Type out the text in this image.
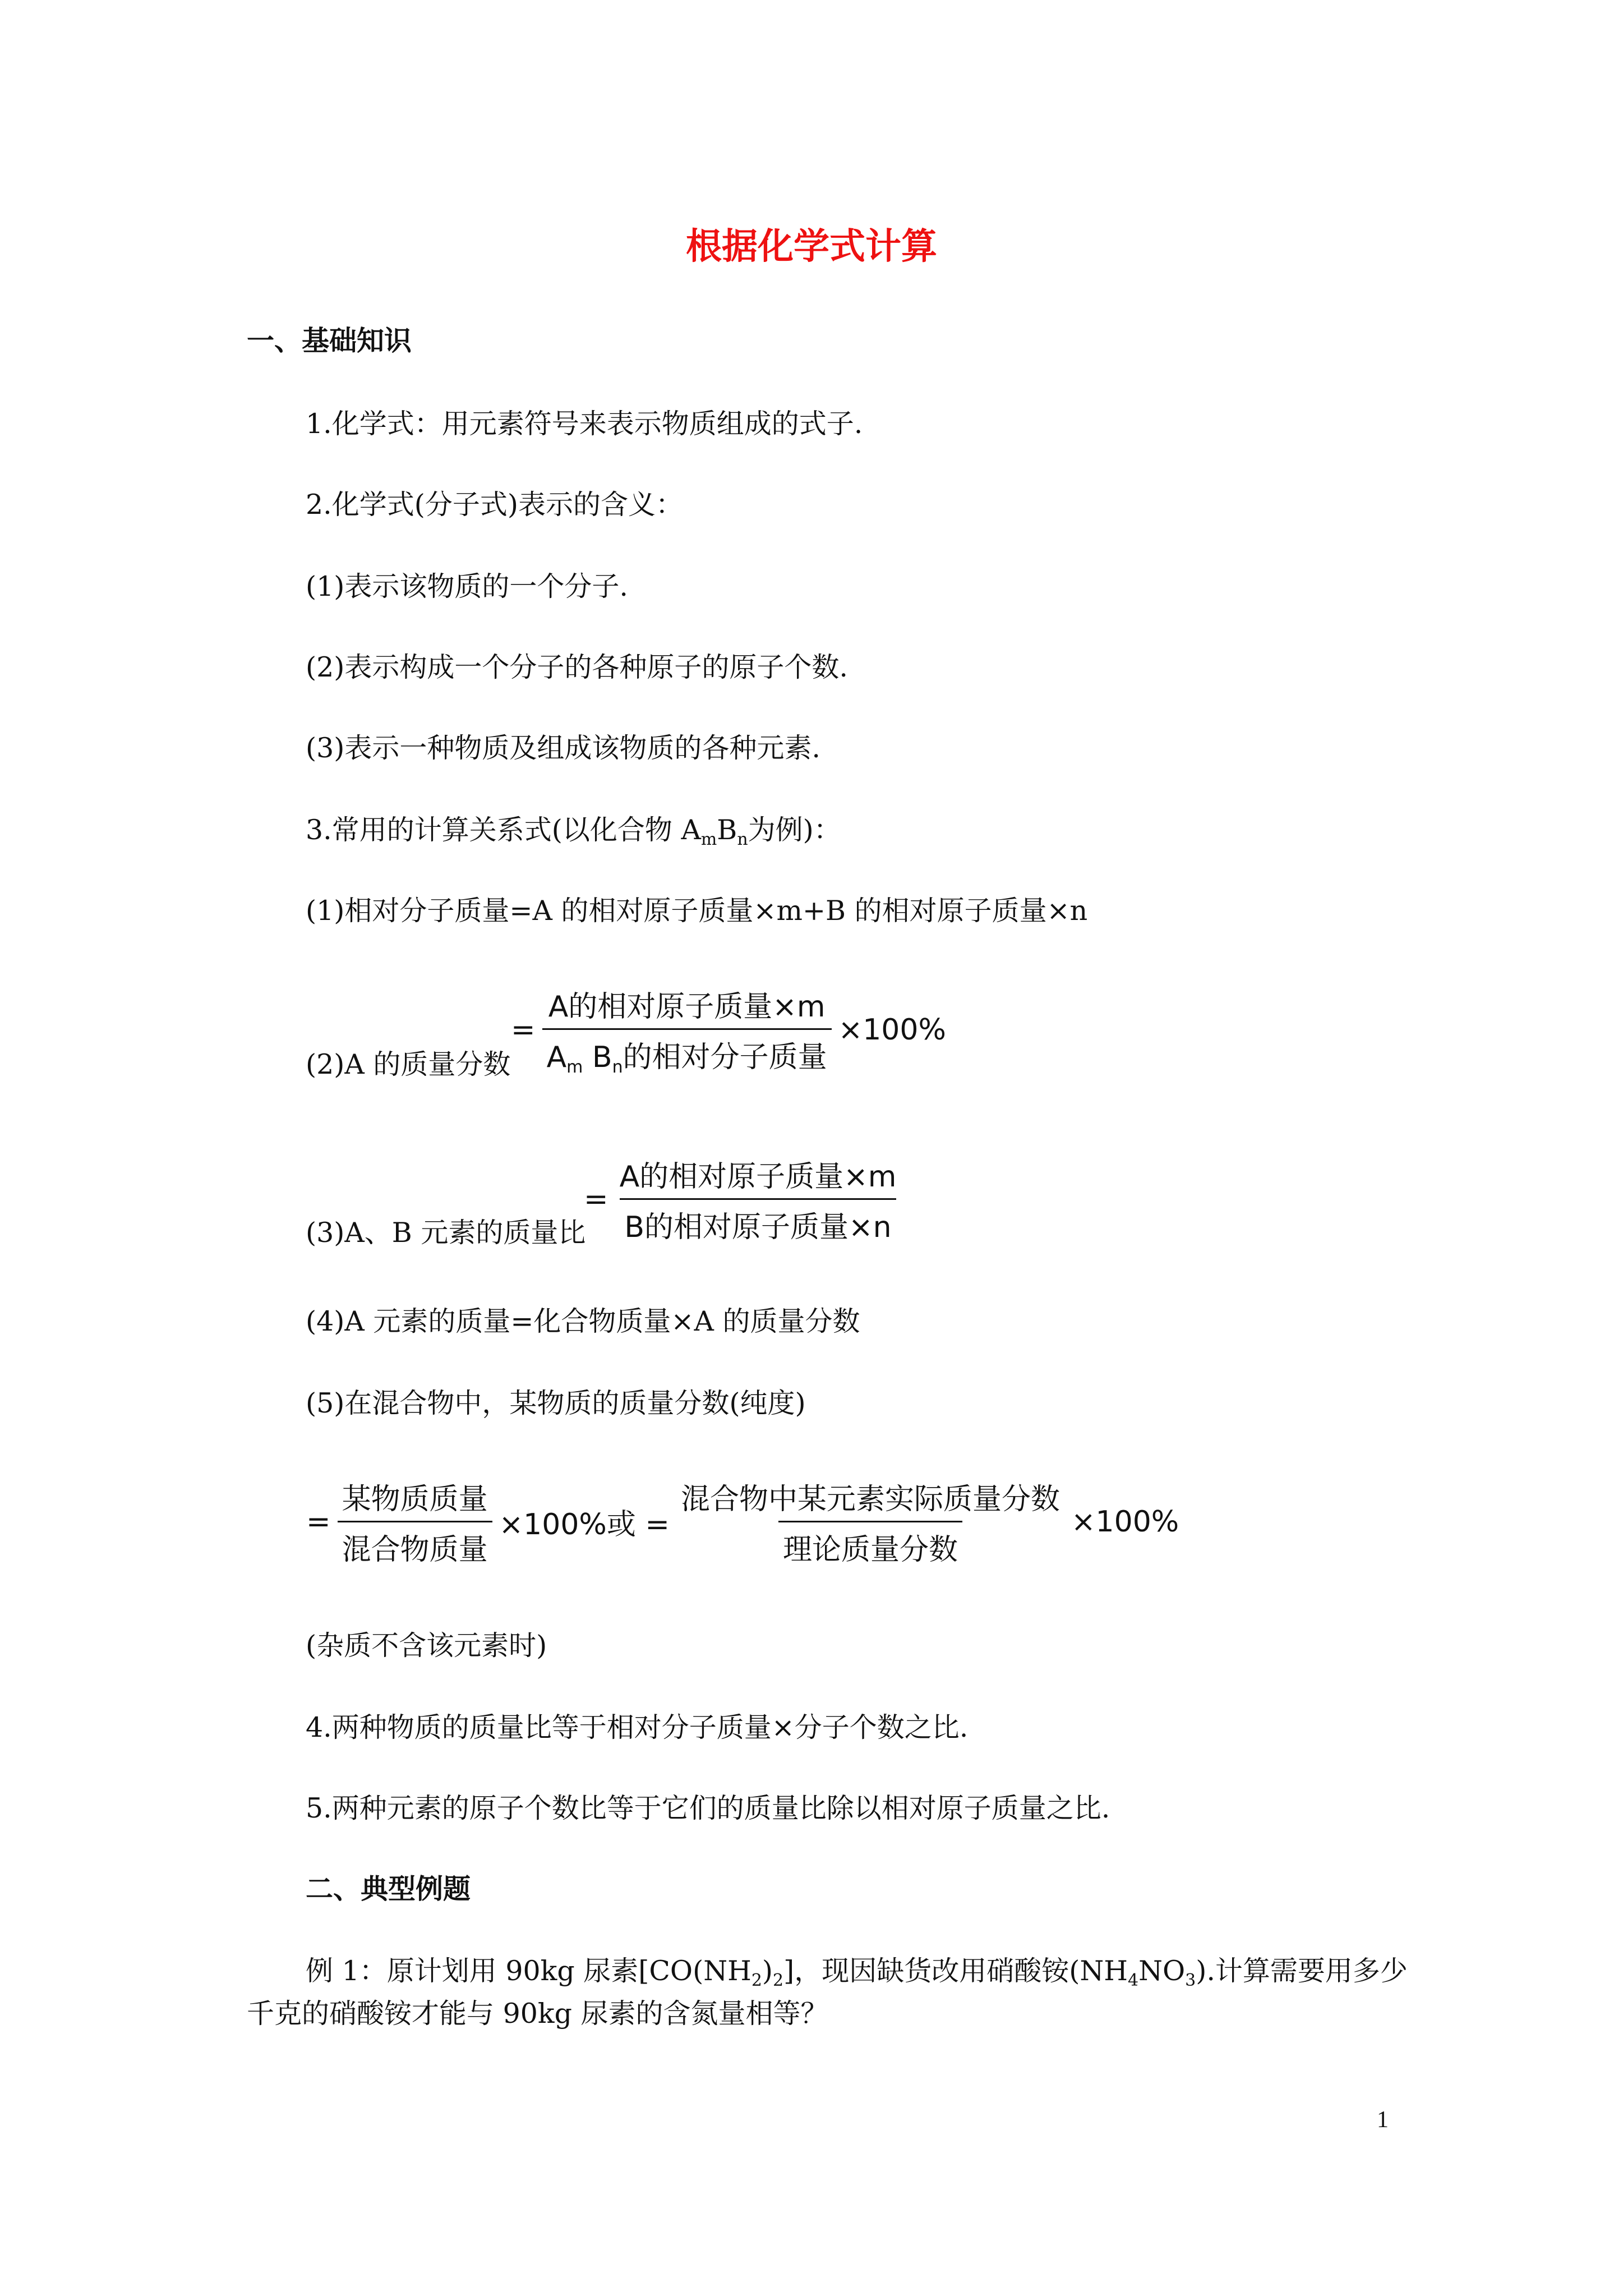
根据化学式计算
一、基础知识
1.化学式：用元素符号来表示物质组成的式子.
2.化学式(分子式)表示的含义：
(1)表示该物质的一个分子.
(2)表示构成一个分子的各种原子的原子个数.
(3)表示一种物质及组成该物质的各种元素.
3.常用的计算关系式(以化合物 $A_mB_n$为例)：
(1)相对分子质量=A 的相对原子质量×m+B 的相对原子质量×n
(2)A 的质量分数
= $\frac{\text{A的相对原子质量×m}}{\text{Am Bn的相对分子质量}} \times 100\%$
(3)A、B 元素的质量比
= $\frac{\text{A的相对原子质量×m}}{\text{B的相对原子质量×n}}$
(4)A 元素的质量=化合物质量×A 的质量分数
(5)在混合物中，某物质的质量分数(纯度)
= $\frac{\text{某物质质量}}{\text{混合物质量}} \times 100\%$或 = $\frac{\text{混合物中某元素实际质量分数}}{\text{理论质量分数}} \times 100\%$
(杂质不含该元素时)
4.两种物质的质量比等于相对分子质量×分子个数之比.
5.两种元素的原子个数比等于它们的质量比除以相对原子质量之比.
二、典型例题
例 1：原计划用 90kg 尿素$[CO(NH_2)_2]$，现因缺货改用硝酸铵$(NH_4NO_3)$.计算需要用多少
千克的硝酸铵才能与 90kg 尿素的含氮量相等？
1
